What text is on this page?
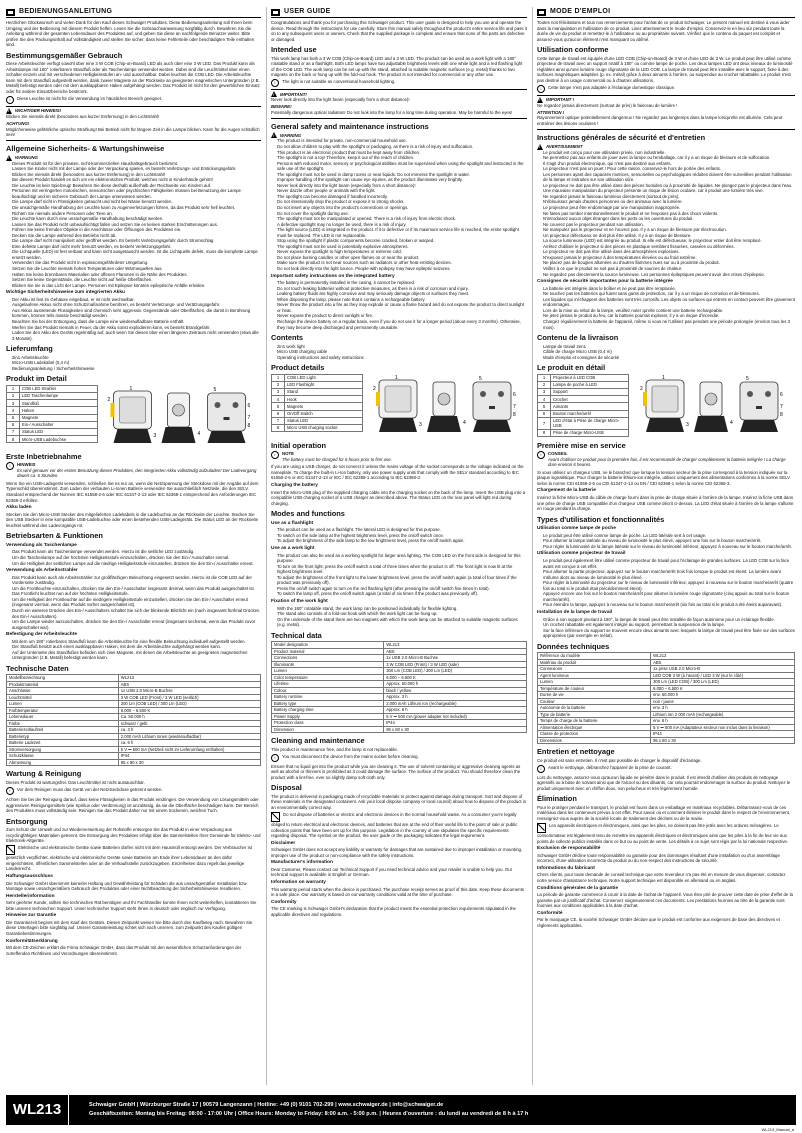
BEDIENUNGSANLEITUNG

Herzlichen Glückwunsch und vielen Dank für den Kauf dieses Schwaiger Produktes. Diese Bedienungsanleitung soll Ihnen beim Umgang und der Bedienung mit diesem Produkt helfen. Lesen Sie die Gebrauchsanweisung sorgfältig durch. Bewahren Sie die Anleitung während der gesamten Lebensdauer des Produktes auf, und geben Sie diese an nachfolgende Benutzer weiter. Bitte prüfen Sie den Packungsinhalt auf Vollständigkeit und stellen Sie sicher, dass keine Fehlerteile oder beschädigten Teile enthalten sind.

Bestimmungsgemäßer Gebrauch

Diese Arbeitsleuchte verfügt sowohl über eine 3 W COB (Chip-on-Board) LED als auch über eine 3 W LED. Das Produkt kann als Arbeitslampe mit 180° rotierbarem Standfuß oder als Taschenlampe verwendet werden. Dabei sind die Leuchtmittel über einen Schalter einzeln und mit verschiedenen Helligkeitsstufen an- und ausschaltbar. Dabei leuchtet die COB LED. Die Arbeitsleuchte kann mit dem Standfuß aufgestellt werden, dank zweier Magnete an der Rückseite an geeigneten magnetischen Untergründen (z.B. Metall) befestigt werden oder mit dem ausklappbaren Haken aufgehängt werden. Das Produkt ist nicht für den gewerblichen Einsatz oder für andere Einsatzbereiche bestimmt.

i	Diese Leuchte ist nicht für die Verwendung im häuslichen Bereich geeignet.
!
WICHTIGER HINWEIS!

Blicken Sie niemals direkt (besonders aus kurzer Entfernung) in den Lichtstrahl!

ACHTUNG!

Möglicherweise gefährliche optische Strahlung! Bei Betrieb nicht für längere Zeit in die Lampe blicken. Kann für die Augen schädlich sein!

Allgemeine Sicherheits- & Wartungshinweise
!
WARNUNG
• Dieses Produkt ist für den privaten, nicht-kommerziellen Haushaltsgebrauch bestimmt.
• Lassen Sie Kinder nicht mit der Lampe oder der Verpackung spielen, es besteht Verletzungs- und Erstickungsgefahr.
• Blicken Sie niemals direkt (besonders aus kurzer Entfernung) in den Lichtstrahl!
• Bei diesem Produkt handelt es sich um ein elektronisches Produkt, welches nicht in Kinderhände gehört!
• Die Leuchte ist kein Spielzeug! Bewahren Sie diese deshalb außerhalb der Reichweite von Kindern auf.
• Personen mit verringerten motorischen, sensorischen oder psychischen Fähigkeiten müssen bei Benutzung der Lampe beaufsichtigt und im sicheren Gebrauch der Lampe unterwiesen werden.
• Die Lampe darf nicht in Flüssigkeiten getaucht und nicht bei Nässe benutzt werden.
• Die unsachgemäße Handhabung der Leuchte kann zu Augenverletzungen führen, da das Produkt sehr hell leuchtet.
• Richten Sie niemals andere Personen oder Tiere an.
• Die Leuchte kann durch eine unsachgemäße Handhabung beschädigt werden.
• Lassen Sie das Produkt nicht unbeaufsichtigt fallen und setzen Sie es keinen starken Erschütterungen aus.
• Führen Sie keine fremden Objekte in die Anschlüsse oder Öffnungen des Produktes ein.
• Decken Sie die Lampe während des Betriebs nicht ab.
• Die Lampe darf nicht manipuliert oder geöffnet werden. Es besteht Verletzungsgefahr durch Stromschlag.
• Eine defekte Lampe darf nicht mehr benutzt werden, es besteht Verletzungsgefahr.
• Die Lichtquelle (LED) ist fest verbaut und kann nicht ausgetauscht werden. Ist die Lichtquelle defekt, muss die komplette Lampe ersetzt werden.
• Verwenden Sie das Produkt nicht in explosionsgefährdeter Umgebung.
• Setzen Sie die Leuchte niemals hohen Temperaturen oder Wärmequellen aus.
• Halten Sie keine brennbaren Materialien oder offenen Flammen in die Nähe des Produktes.
• Setzen Sie keine Gegenstände, die Leuchte nicht auf heiße Oberflächen.
• Blicken Sie nie in das Licht der Lampe. Personen mit Epilepsie könnten epileptische Anfälle erleiden.
Wichtige Sicherheitshinweise zum integrierten Akku
• Der Akku ist fest im Gehäuse eingebaut, er ist nicht wechselbar.
• Ausgelaufene Akkus nicht ohne Schutzmaßnahme berühren, es besteht Verletzungs- und Verätzungsgefahr.
• Aus Akkus austretende Flüssigkeiten sind chemisch sehr aggressiv. Gegenstände oder Oberflächen, die damit in Berührung kommen, können teils massiv beschädigt werden.
• Beachten Sie bei der Entsorgung, dass die Lampe eine wiederaufladbare Batterie enthält.
• Werfen Sie das Produkt niemals in Feuer, da der Akku sonst explodieren kann, es besteht Brandgefahr.
• Laden Sie den Akku des Geräts regelmäßig auf, auch wenn Sie dieses über einen längeren Zeitraum nicht verwenden (etwa alle 3 Monate).
Lieferumfang
• 2in1 Arbeitsleuchte
• Micro-USB Ladekabel (0,4 m)
• Bedienungsanleitung / Sicherheitshinweise
Produkt im Detail
1	COB LED Strahler
2	LED Taschenlampe
3	Standfuß
4	Haken
5	Magnete
6	Ein-/ Ausschalter
7	Status LED
8	Micro-USB Ladebuchse
1
2
3	4
5
6
7
8
Erste Inbetriebnahme
i	HINWEIS
Es wird genauer vor der ersten Benutzung dieses Produktes, den integrierten Akku vollständig aufzuladen! Der Ladevorgang dauert ca. 6 Stunden.

Wenn Sie ein USB-Ladegerät verwenden, schließen Sie es nur an, wenn die Netzspannung der Steckdose mit der Angabe auf dem Typenschild übereinstimmt. Zum Laden der verbauten Li-Ionen Batterie verwenden Sie ausschließlich Netzteile, die den SELV Standard entsprechend der Normen IEC 61558-2-6 oder IEC 61347-2-13 oder IEC 62368-1 entsprechend den Anforderungen IEC 62368-3 erfüllen.

Akku laden

Stecken Sie den Micro-USB Stecker des mitgelieferten Ladekabels in die Ladebuchse an der Rückseite der Leuchte. Stecken Sie den USB Stecker in eine kompatible USB-Ladebuchse oder einen bestehenden USB-Ladegeräts. Die Status LED an der Rückseite leuchtet während des Ladevorgangs rot.

Betriebsarten & Funktionen
Verwendung als Taschenlampe
• Das Produkt kann als Taschenlampe verwendet werden. Hierzu ist die seitliche LED zuständig.
• Um die Taschenlampe auf der höchsten Helligkeitsstufe einzuschalten, drücken Sie den Ein-/ Ausschalter einmal.
• Um die Helligkeit der seitlichen Lampe auf die niedrige Helligkeitsstufe einzustellen, drücken Sie den Ein-/ Ausschalter erneut.
Verwendung als Arbeitsstrahler
• Das Produkt kann auch als Arbeitsstrahler zur großflächigen Beleuchtung eingesetzt werden. Hierzu ist die COB LED auf der Vorderseite zuständig.
• Um die Frontleuchte einzuschalten, drücken Sie den Ein-/ Ausschalter insgesamt dreimal, wenn das Produkt ausgeschaltet ist. Das Frontlicht leuchtet nun auf der höchsten Helligkeitsstufe.
• Um die Helligkeit der Frontleuchte auf die niedrigere Helligkeitsstufe einzustellen, drücken Sie den Ein-/ Ausschalter erneut (insgesamt viermal, wenn das Produkt vorher ausgeschaltet ist).
• Durch ein weiteres Drücken des Ein-/ Ausschalters schaltet Sie sich der blinkende Blitzlicht ein (nach insgesamt fünfmal Drücken des Ein-/ Ausschalters).
• Um die Lampe wieder auszuschalten, drücken Sie den Ein-/ Ausschalter erneut (insgesamt sechsmal, wenn das Produkt zuvor ausgeschaltet war).
Befestigung der Arbeitsleuchte
• Mit dem um 180° rotierbaren Standfuß kann die Arbeitsleuchte für eine flexible Beleuchtung individuell aufgestellt werden.
• Der Standfuß besitzt auch einen ausklappbaren Haken, mit dem die Arbeitsleuchte aufgehängt werden kann.
• Auf der Unterseite des Standfußes befinden sich zwei Magnete, mit denen die Arbeitsleuchte an geeigneten magnetischen Untergründen (z.B. Metall) befestigt werden kann.
Technische Daten
Modellbezeichnung	WL213
Produktmaterial	ABS
Anschlüsse	1x USB 2.0 Micro-B Buchse
Leuchtmittel	3 W COB LED (Front) / 3 W LED (seitlich)
Lumen	300 Lm (COB LED) / 300 Lm (LED)
Farbtemperatur	6.000 – 6.500 K
Lebensdauer	Ca. 50.000 h
Farbe	schwarz / gelb
Batteriezeitlaufzeit	ca. 3 h
Batterietyp	2.000 mAh Lithium Ionen (wiederaufladbar)
Batterie Ladezeit	ca. 6 h
Stromversorgung	5 V ⎓ 500 mA (Netzteil nicht im Lieferumfang enthalten)
Schutzklasse	IP44
Abmessung	95 x 80 x 30
Wartung & Reinigung

Dieses Produkt ist wartungsfrei. Das Leuchtmittel ist nicht austauschbar.

i	Vor dem Reinigen muss das Gerät von der Netzsteckdose getrennt werden.

Achten Sie bei der Reinigung darauf, dass keine Flüssigkeiten in das Produkt eindringen. Die Verwendung von Lösungsmitteln oder aggressiven Reinigungsmitteln (wie Spiritus oder Verdünnung) ist unzulässig, da sie die Oberfläche beschädigen kann. Der Bereich des Produktes muss vollständig sein. Reinigen Sie das Produkt daher nur mit einem trockenen, weichen Tuch.

Entsorgung

Zum Schutz der Umwelt und zur Wiederverwertung der Rohstoffe entsorgen Sie das Produkt in einer Verpackung aus recyclingfähigen Materialien getrennt. Die Entsorgung des Produktes erfolgt über die Sammelstellen Ihrer Gemeinde für Elektro- und Elektronik-Altgeräte.

Elektrische und elektronische Geräte sowie Batterien dürfen nicht mit dem Hausmüll entsorgt werden. Der Verbraucher ist gesetzlich verpflichtet, elektrische und elektronische Geräte sowie Batterien am Ende ihrer Lebensdauer an den dafür eingerichteten, öffentlichen Sammelstellen oder an die Verkaufsstelle zurückzugeben. Einzelheiten dazu regelt das jeweilige Landesrecht.

Haftungsausschluss

Die Schwaiger GmbH übernimmt keinerlei Haftung und Gewährleistung für Schäden die aus unsachgemäßer Installation bzw. Montage sowie unsachgemäßem Gebrauch des Produktes oder einer Nichtbeachtung der Sicherheitshinweise resultieren.

Herstellerinformation

Sehr geehrter Kunde, sollten Sie technischen Rat benötigen und Ihr Fachhändler konnte Ihnen nicht weiterhelfen, kontaktieren Sie bitte unseren technischen Support. Unser technischer Support steht Ihnen in deutsch oder englisch zur Verfügung.

Hinweise zur Garantie

Die Garantiezeit beginnt mit dem Kauf des Gerätes. Diesen Zeitpunkt weisen Sie bitte durch den Kaufbeleg nach. Bewahren Sie diese Unterlagen bitte sorgfältig auf. Unsere Garantieleistung richtet sich nach unseren, zum Zeitpunkt des Kaufes gültigen Garantiebestimmungen.

Konformitätserklärung

Mit dem CE-Zeichen erklärt die Firma Schwaiger GmbH, dass das Produkt mit den wesentlichen Schutzanforderungen der zutreffenden Richtlinien und Verordnungen übereinstimmt.

USER GUIDE

Congratulations and thank you for purchasing this Schwaiger product. This user guide is designed to help you use and operate the device. Read through the instructions for use carefully. Store this manual safely throughout the product's entire service life and pass it on to any subsequent users or owners. Check that the supplied package is complete and ensure that none of the parts are defective or damaged.

Intended use

This work lamp has both a 3 W COB (Chip-on-Board) LED and a 3 W LED. The product can be used as a work light with a 180° rotatable stand or as a flashlight. Both LED lamps have two adjustable brightness levels with one white light and a red flashing light of the COB LED. The work lamp can be set up with the stand, attached to suitable magnetic surfaces (e.g. metal) thanks to two magnets on the back or hung up with the fold-out hook. The product is not intended for commercial or any other use.

i	The light is not suitable as conventional household lighting.
!
IMPORTANT!

Never look directly into the light beam (especially from a short distance)!

BEWARE!

Potentially dangerous optical radiation! Do not look into the lamp for a long time during operation. May be harmful to the eyes!

General safety and maintenance instructions
!
WARNING
• The product is intended for private, non-commercial household use.
• Do not allow children to play with the spotlight or packaging, as there is a risk of injury and suffocation.
• This product is an electronic product that must be kept away from children.
• The spotlight is not a toy! Therefore, keep it out of the reach of children.
• Persons with reduced motor, sensory or psychological abilities must be supervised when using the spotlight and instructed in the safe use of the spotlight.
• The spotlight must not be used in damp rooms or near liquids. Do not immerse the spotlight in water.
• Improper handling of the spotlight can cause eye injuries, as the product illuminates very brightly.
• Never look directly into the light beam (especially from a short distance)!
• Never dazzle other people or animals with the light.
• The spotlight can become damaged if handled incorrectly.
• Do not intentionally drop the product or expose it to strong shocks.
• Do not insert any objects into the product's connections or openings.
• Do not cover the spotlight during use.
• The spotlight must not be manipulated or opened. There is a risk of injury from electric shock.
• A defective spotlight may no longer be used, there is a risk of injury.
• The light source (LED) is integrated in the product. If it is defective or if its maximum service life is reached, the entire spotlight must be replaced. The LED is not replaceable.
• Stop using the spotlight if plastic components become cracked, broken or warped.
• The spotlight must not be used in potentially explosive atmospheres.
• Never expose the spotlight to high temperatures or extreme cold.
• Do not place burning candles or other open flames on or near the product.
• Make sure the product is not near sources such as radiators or other heat emitting devices.
• Do not look directly into the light source. People with epilepsy may have epileptic seizures.
Important safety instructions on the integrated battery
• The battery is permanently installed in the casing, it cannot be replaced.
• Do not touch leaking batteries without protective measures, as there is a risk of corrosion and injury.
• Leaking battery fluids are highly corrosive and may seriously damage objects or surfaces they meet.
• When disposing the lamp, please note that it contains a rechargeable battery.
• Never throw the product into a fire as they may explode or cause a flame hazard and do not expose the product to direct sunlight or heat.
• Never expose the product to direct sunlight or fire.
• Recharge the device battery on a regular basis, even if you do not use it for a longer period (about every 3 months). Otherwise, they may become deep discharged and permanently unusable.
Contents
• 2in1 work light
• Micro USB charging cable
• Operating instructions and safety instructions
Product details
1	COB LED Light
2	LED Flashlight
3	Stand
4	Hook
5	Magnets
6	On/Off Switch
7	Status LED
8	Micro USB charging socket
1
2
3	4
5
6
7
8
Initial operation
i	NOTE
The battery must be charged for 6 hours prior to first use.

If you are using a USB charger, do not connect it unless the mains voltage of the socket corresponds to the voltage indicated on the nameplate. To charge the built-in Li-Ion battery, only use power supply units that comply with the SELV standard according to IEC 61558-2-6 or IEC 61347-2-13 or IEC / IEC 62368-1 according to IEC 62368-3.

Charging the battery

Insert the Micro-USB plug of the supplied charging cable into the charging socket on the back of the lamp. Insert the USB plug into a compatible USB charging socket of a USB charger as described above. The Status LED on the rear panel will light red during charging.

Modes and functions
Use as a flashlight
• The product can be used as a flashlight. The lateral LED is designed for this purpose.
• To switch on the side lamp at the highest brightness level, press the on/off switch once.
• To adjust the brightness of the side lamp to the low brightness level, press the on/off switch again.
Use as a work light
• The product can also be used as a working spotlight for larger area lighting. The COB LED on the front side is designed for this purpose.
• To turn on the front light, press the on/off switch a total of three times when the product is off. The front light is now lit at the highest brightness level.
• To adjust the brightness of the front light to the lower brightness level, press the on/off switch again (a total of four times if the product was previously off).
• Press the on/off switch again to turn on the red flashing light (after pressing the on/off switch five times in total).
• To switch the lamp off, press the on/off switch again (a total of six times if the product was previously off).
Fixation of the work light
• With the 180° rotatable stand, the work lamp can be positioned individually for flexible lighting.
• The stand also consists of a fold-out hook with which the work light can be hung up.
• On the underside of the stand there are two magnets with which the work lamp can be attached to suitable magnetic surfaces (e.g. metal).
Technical data
Model designation	WL213
Product material	ABS
Connections	1x USB 2.0 Micro-B Buchse
Illuminants	3 W COB LED (Front) / 3 W LED (side)
Lumen	300 Lm (COB LED) / 300 Lm (LED)
Color temperature	6.000 – 6.500 K
Lifetime	Approx. 50.000 h
Colour	black / yellow
Battery runtime	Approx. 3 h
Battery type	2.000 mAh Lithium Ion (rechargeable)
Battery charging time	Approx. 6 h
Power Supply	5 V ⎓ 500 mA (power adapter not included)
Protection class	IP44
Dimension	95 x 80 x 30
Cleaning and maintenance

This product is maintenance free, and the lamp is not replaceable.

i	You must disconnect the device from the mains socket before cleaning.

Ensure that no liquid get into the product while you are cleaning it. The use of solvent-containing or aggressive cleaning agents as well as alcohol or thinners is prohibited as it could damage the surface. The surface of the product. You should therefore clean the product with a lint-free, ever so slightly damp soft cloth only.

Disposal

The product is delivered in packaging made of recyclable materials to protect against damage during transport. Sort and dispose of these materials in the designated containers. Ask your local dispose company or local council) about how to dispose of the product in an environmentally correct way.

Do not dispose of batteries or electric and electronic devices in the normal household waste. As a consumer you're legally obliged to return electrical and electronic devices, and batteries that are at the end of their useful life to the point of sale or public collection points that have been set up for this purpose. Legislation in the country of use stipulates the specific requirements regarding disposal. The symbol on the product, the user guide or the packaging indicates the legal requirement.

Disclaimer

Schwaiger GmbH does not accept any liability or warranty for damages that are sustained due to improper installation or mounting, improper use of the product or non-compliance with the safety instructions.

Manufacturer's information

Dear Customer, Please contact our Technical Support if you need technical advice and your retailer is unable to help you. Our technical support is available in English or German.

Information on warranty

This warranty period starts when the device is purchased. The purchase receipt serves as proof of this date. Keep these documents in a safe place. Our warranty is based on our warranty conditions valid at the time of purchase.

Conformity

The CE marking is Schwaiger GmbH's declaration that the product meets the essential protection requirements stipulated in the applicable directives and regulations.

MODE D'EMPLOI

Toutes nos félicitations et tous nos remerciements pour l'achat de ce produit Schwaiger. Le présent manuel est destiné à vous aider dans la manipulation et l'utilisation de ce produit. Lisez attentivement le mode d'emploi. Conservez-le en lieu sûr pendant toute la durée de vie du produit et remettez-le à l'utilisateur ou au propriétaire suivant. Vérifiez que le contenu du paquet est complet et assurez-vous qu'aucun élément n'est manquant ou abîmé.

Utilisation conforme

Cette lampe de travail est équipée d'une LED COB (Chip-on-Board) de 3 W et d'une LED de 3 W. Le produit peut être utilisé comme projecteur de travail avec un support rotatif à 180° ou comme lampe de poche. Les deux lampes LED ont deux niveaux de luminosité réglables ainsi qu'une lumière rouge clignotante de la LED COB. La lampe de travail peut être installée avec le support, fixée à des surfaces magnétiques adaptées (p. ex. métal) grâce à deux aimants à l'arrière, ou suspendue au crochet rabattable. Le produit n'est pas destiné à un usage commercial ou à d'autres utilisations.

i	Cette lampe n'est pas adaptée à l'éclairage domestique classique.
!
IMPORTANT !

Ne regardez jamais directement (surtout de près) le faisceau de lumière !

ATTENTION !

Rayonnement optique potentiellement dangereux ! Ne regardez pas longtemps dans la lampe lorsqu'elle est allumée. Cela peut entraîner des lésions oculaires !

Instructions générales de sécurité et d'entretien
!
AVERTISSEMENT
• Le produit est conçu pour une utilisation privée, non industrielle.
• Ne permettez pas aux enfants de jouer avec la lampe ou l'emballage, car il y a un risque de blessure et de suffocation.
• Il s'agit d'un produit électronique, qui n'est pas destiné aux enfants.
• Le projecteur n'est pas un jouet ! Pour cette raison, conservez-le hors de portée des enfants.
• Les personnes ayant des capacités motrices, sensorielles ou psychologiques réduites doivent être surveillées pendant l'utilisation de la lampe et instruites sur son utilisation sûre.
• Le projecteur ne doit pas être utilisé dans des pièces humides ou à proximité de liquides. Ne plongez pas le projecteur dans l'eau.
• Une mauvaise manipulation du projecteur présente un risque de lésion oculaire, car il produit une lumière très vive.
• Ne regardez jamais le faisceau lumineux directement (surtout de près).
• N'éblouissez jamais d'autres personnes ou des animaux avec la lumière.
• Le projecteur peut être endommagé par une manipulation inappropriée.
• Ne faites pas tomber intentionnellement le produit et ne l'exposez pas à des chocs violents.
• N'introduisez aucun objet étranger dans les ports ou les ouvertures du produit.
• Ne couvrez pas le projecteur pendant son utilisation.
• Ne manipulez pas le projecteur et ne l'ouvrez pas. Il y a un risque de blessure par électrocution.
• Un projecteur défectueux ne doit plus être utilisé. Il y a un risque de blessure.
• La source lumineuse (LED) est intégrée au produit. Si elle est défectueuse, le projecteur entier doit être remplacé.
• Arrêtez d'utiliser le projecteur si des pièces en plastique semblent fissurées, cassées ou déformées.
• Le projecteur ne doit pas être utilisé dans des atmosphères explosives.
• N'exposez jamais le projecteur à des températures élevées ou au froid extrême.
• Ne placez pas de bougies allumées ou d'autres flammes nues sur ou à proximité du produit.
• Veillez à ce que le produit ne soit pas à proximité de sources de chaleur.
• Ne regardez pas directement la source lumineuse. Les personnes épileptiques peuvent avoir des crises d'épilepsie.
Consignes de sécurité importantes pour la batterie intégrée
• La batterie est intégrée dans le boîtier et ne peut pas être remplacée.
• Ne touchez pas les batteries qui fuient sans gants de protection, car il y a un risque de corrosion et de blessures.
• Les liquides qui s'échappent des batteries sont très corrosifs. Les objets ou surfaces qui entrent en contact peuvent être gravement endommagés.
• Lors de la mise au rebut de la lampe, veuillez noter qu'elle contient une batterie rechargeable.
• Ne jetez jamais le produit au feu, car la batterie pourrait exploser, il y a un risque d'incendie.
• Chargez régulièrement la batterie de l'appareil, même si vous ne l'utilisez pas pendant une période prolongée (environ tous les 3 mois).
Contenu de la livraison
• Lampe de travail 2en1
• Câble de charge Micro USB (0,4 m)
• Mode d'emploi et consignes de sécurité
Le produit en détail
1	Projecteur à LED COB
2	Lampe de poche à LED
3	Support
4	Crochet
5	Aimants
6	Bouton marche/arrêt
7	LED d'état à Prise de charge Micro-USB
8	Prise de charge Micro-USB
1
2
3	4
5
6
7
8
Première mise en service
i	CONSEIL
Avant d'utiliser ce produit pour la première fois, il est recommandé de charger complètement la batterie intégrée ! La charge dure environ 6 heures.

Si vous utilisez un chargeur USB, ne le branchez que lorsque la tension secteur de la prise correspond à la tension indiquée sur la plaque signalétique. Pour charger la batterie lithium-ion intégrée, utilisez uniquement des alimentations conformes à la norme SELV selon la norme CEI 61558-2-6 ou CEI 61347-2-13 ou EN / CEI 62368-1 selon la norme CEI 62368-3.

Chargement de la batterie

Insérez la fiche Micro-USB du câble de charge fourni dans la prise de charge située à l'arrière de la lampe. Insérez la fiche USB dans une prise de charge USB compatible d'un chargeur USB comme décrit ci-dessus. La LED d'état située à l'arrière de la lampe s'allume en rouge pendant la charge.

Types d'utilisation et fonctionnalités
Utilisation comme lampe de poche
• Le produit peut être utilisé comme lampe de poche. La LED latérale sert à cet usage.
• Pour allumer la lampe latérale au niveau de luminosité le plus élevé, appuyez une fois sur le bouton marche/arrêt.
• Pour régler la luminosité de la lampe latérale sur le niveau de luminosité inférieur, appuyez à nouveau sur le bouton marche/arrêt.
Utilisation comme projecteur de travail
• Le produit peut également être utilisé comme projecteur de travail pour l'éclairage de grandes surfaces. La LED COB sur la face avant est conçue à cet effet.
• Pour allumer la partie projecteur, appuyez sur le bouton marche/arrêt trois fois lorsque le produit est éteint. La lumière avant s'allume alors au niveau de luminosité le plus élevé.
• Pour régler la luminosité du projecteur sur le niveau de luminosité inférieur, appuyez à nouveau sur le bouton marche/arrêt (quatre fois au total si le produit était précédemment éteint).
• Appuyez encore une fois sur le bouton marche/arrêt pour allumer la lumière rouge clignotante (cinq appuis au total sur le bouton marche/arrêt).
• Pour éteindre la lampe, appuyez à nouveau sur le bouton marche/arrêt (six fois au total si le produit a été éteint auparavant).
Installation de la lampe de travail
• Grâce à son support pivotant à 180°, la lampe de travail peut être installée de façon autonome pour un éclairage flexible.
• Un crochet rabattable est également intégré au support, permettant la suspension de la lampe.
• Sur la face inférieure du support se trouvent encore deux aimants avec lesquels la lampe de travail peut être fixée sur des surfaces appropriées (par exemple en métal).
Données techniques
Référence du modèle	WL213
Matériau du produit	ABS
Connexions	1x prise USB 2.0 Micro-B
Agent lumineux	LED COB 3 W (à l'avant) / LED 3 W (sur le côté)
Lumen	300 Lm (LED COB) / 300 Lm (LED)
Température de couleur	6.000 – 6.500 K
Durée de vie	env. 50.000 h
Couleur	noir / jaune
Autonomie de la batterie	env. 3 h
Type de batterie	Lithium Ion 2 000 mAh (rechargeable)
Temps de charge de la batterie	env. 6 h
Alimentation électrique	5 V ⎓ 500 mA (Adaptateur secteur non inclus dans la livraison)
Classe de protection	IP44
Dimensions	95 x 80 x 30
Entretien et nettoyage

Ce produit est sans entretien. Il n'est pas possible de changer le dispositif d'éclairage.

i	Avant le nettoyage, débranchez l'appareil de la prise de courant.

Lors du nettoyage, assurez-vous qu'aucun liquide ne pénètre dans le produit. Il est interdit d'utiliser des produits de nettoyage agressifs ou à base de solvant ainsi que de l'alcool ou des diluants, car cela pourrait endommager la surface du produit. Nettoyez le produit uniquement avec un chiffon doux, non pelucheux et très légèrement humide.

Élimination

Pour le protéger pendant le transport, le produit est fourni dans un emballage en matériaux recyclables. Débarrassez-vous de ces matériaux dans les conteneurs prévus à cet effet. Pour savoir où et comment éliminer le produit dans le respect de l'environnement, renseignez-vous auprès de la société locale de traitement des déchets ou de la mairie.

Les appareils électriques et électroniques, ainsi que les piles, ne doivent pas être jetés avec les ordures ménagères. Le consommateur est légalement tenu de remettre les appareils électriques et électroniques ainsi que les piles à la fin de leur vie aux points de collecte publics installés dans ce but ou au point de vente. Les détails à ce sujet sont régis par la loi nationale respective.

Exclusion de responsabilité

Schwaiger GmbH décline toute responsabilité ou garantie pour des dommages résultant d'une installation ou d'un assemblage incorrect, d'une utilisation incorrecte du produit ou du non-respect des instructions de sécurité.

Informations du fabricant

Chers clients, pour toute demande de conseil technique que votre revendeur n'a pas été en mesure de vous dispenser, contactez notre service d'assistance technique. Notre support technique est disponible en allemand ou en anglais.

Conditions générales de la garantie

La période de garantie commence à courir à la date de l'achat de l'appareil. Vous êtes prié de prouver cette date de prise d'effet de la garantie par un justificatif d'achat. Conservez soigneusement ces documents. Les prestations fournies au titre de la garantie sont fournies aux conditions applicables à la date d'achat.

Conformité

Par le marquage CE, la société Schwaiger GmbH déclare que le produit est conforme aux exigences de base des directives et règlements applicables.

WL213	Schwaiger GmbH | Würzburger Straße 17 | 90579 Langenzann | Hotline: +49 (0) 9101 702-299 | www.schwaiger.de | info@schwaiger.de
Geschäftszeiten: Montag bis Freitag: 08:00 - 17:00 Uhr | Office Hours: Monday to Friday: 8:00 a.m. - 5:00 p.m. | Heures d'ouverture : du lundi au vendredi de 8 h à 17 h
WL213_Manual_a
